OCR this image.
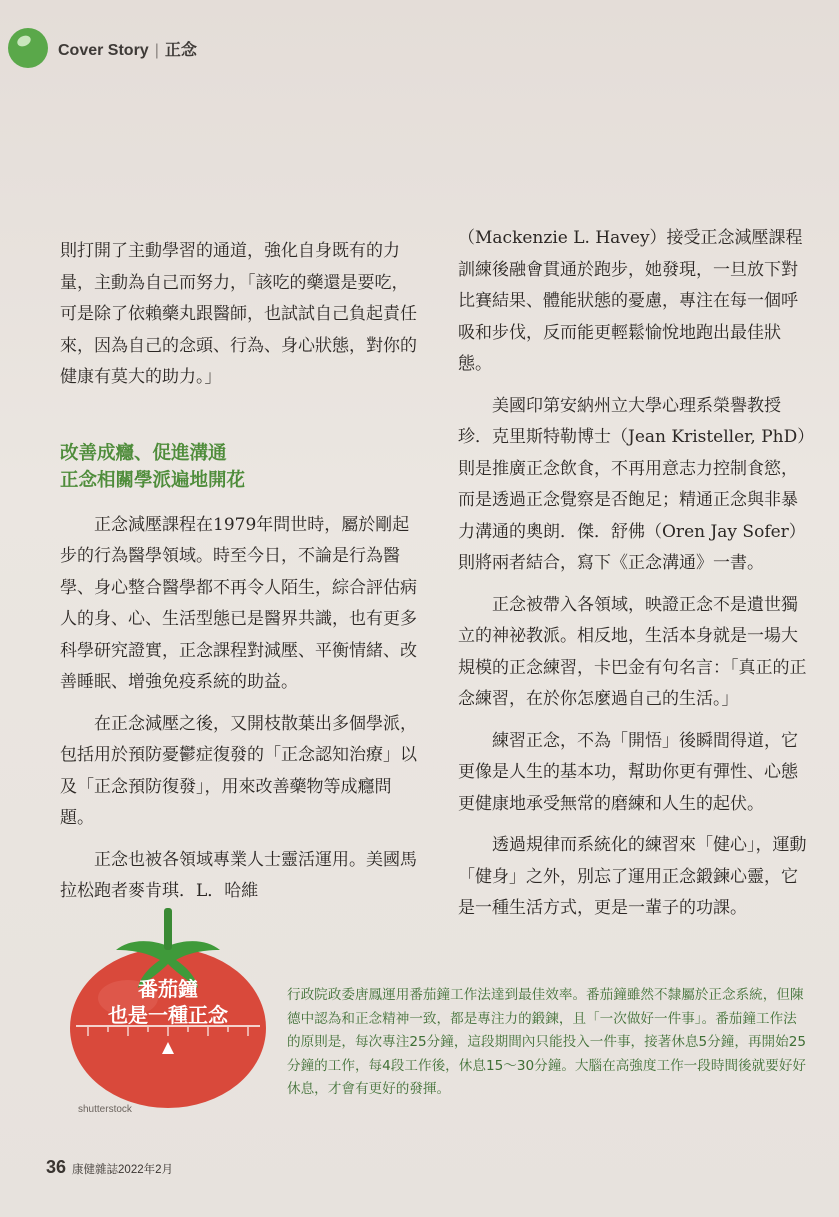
Cover Story | 正念

則打開了主動學習的通道，強化自身既有的力量，主動為自己而努力，「該吃的藥還是要吃，可是除了依賴藥丸跟醫師，也試試自己負起責任來，因為自己的念頭、行為、身心狀態，對你的健康有莫大的助力。」

改善成癮、促進溝通
正念相關學派遍地開花

正念減壓課程在1979年問世時，屬於剛起步的行為醫學領域。時至今日，不論是行為醫學、身心整合醫學都不再令人陌生，綜合評估病人的身、心、生活型態已是醫界共識，也有更多科學研究證實，正念課程對減壓、平衡情緒、改善睡眠、增強免疫系統的助益。

在正念減壓之後，又開枝散葉出多個學派，包括用於預防憂鬱症復發的「正念認知治療」以及「正念預防復發」，用來改善藥物等成癮問題。

正念也被各領域專業人士靈活運用。美國馬拉松跑者麥肯琪．L．哈維

（Mackenzie L. Havey）接受正念減壓課程訓練後融會貫通於跑步，她發現，一旦放下對比賽結果、體能狀態的憂慮，專注在每一個呼吸和步伐，反而能更輕鬆愉悅地跑出最佳狀態。

美國印第安納州立大學心理系榮譽教授珍．克里斯特勒博士（Jean Kristeller, PhD）則是推廣正念飲食，不再用意志力控制食慾，而是透過正念覺察是否飽足；精通正念與非暴力溝通的奧朗．傑．舒佛（Oren Jay Sofer）則將兩者結合，寫下《正念溝通》一書。

正念被帶入各領域，映證正念不是遺世獨立的神祕教派。相反地，生活本身就是一場大規模的正念練習，卡巴金有句名言：「真正的正念練習，在於你怎麼過自己的生活。」

練習正念，不為「開悟」後瞬間得道，它更像是人生的基本功，幫助你更有彈性、心態更健康地承受無常的磨練和人生的起伏。

透過規律而系統化的練習來「健心」，運動「健身」之外，別忘了運用正念鍛鍊心靈，它是一種生活方式，更是一輩子的功課。

番茄鐘
也是一種正念
shutterstock
行政院政委唐鳳運用番茄鐘工作法達到最佳效率。番茄鐘雖然不隸屬於正念系統，但陳德中認為和正念精神一致，都是專注力的鍛鍊，且「一次做好一件事」。番茄鐘工作法的原則是，每次專注25分鐘，這段期間內只能投入一件事，接著休息5分鐘，再開始25分鐘的工作，每4段工作後，休息15～30分鐘。大腦在高強度工作一段時間後就要好好休息，才會有更好的發揮。
36 康健雜誌2022年2月
